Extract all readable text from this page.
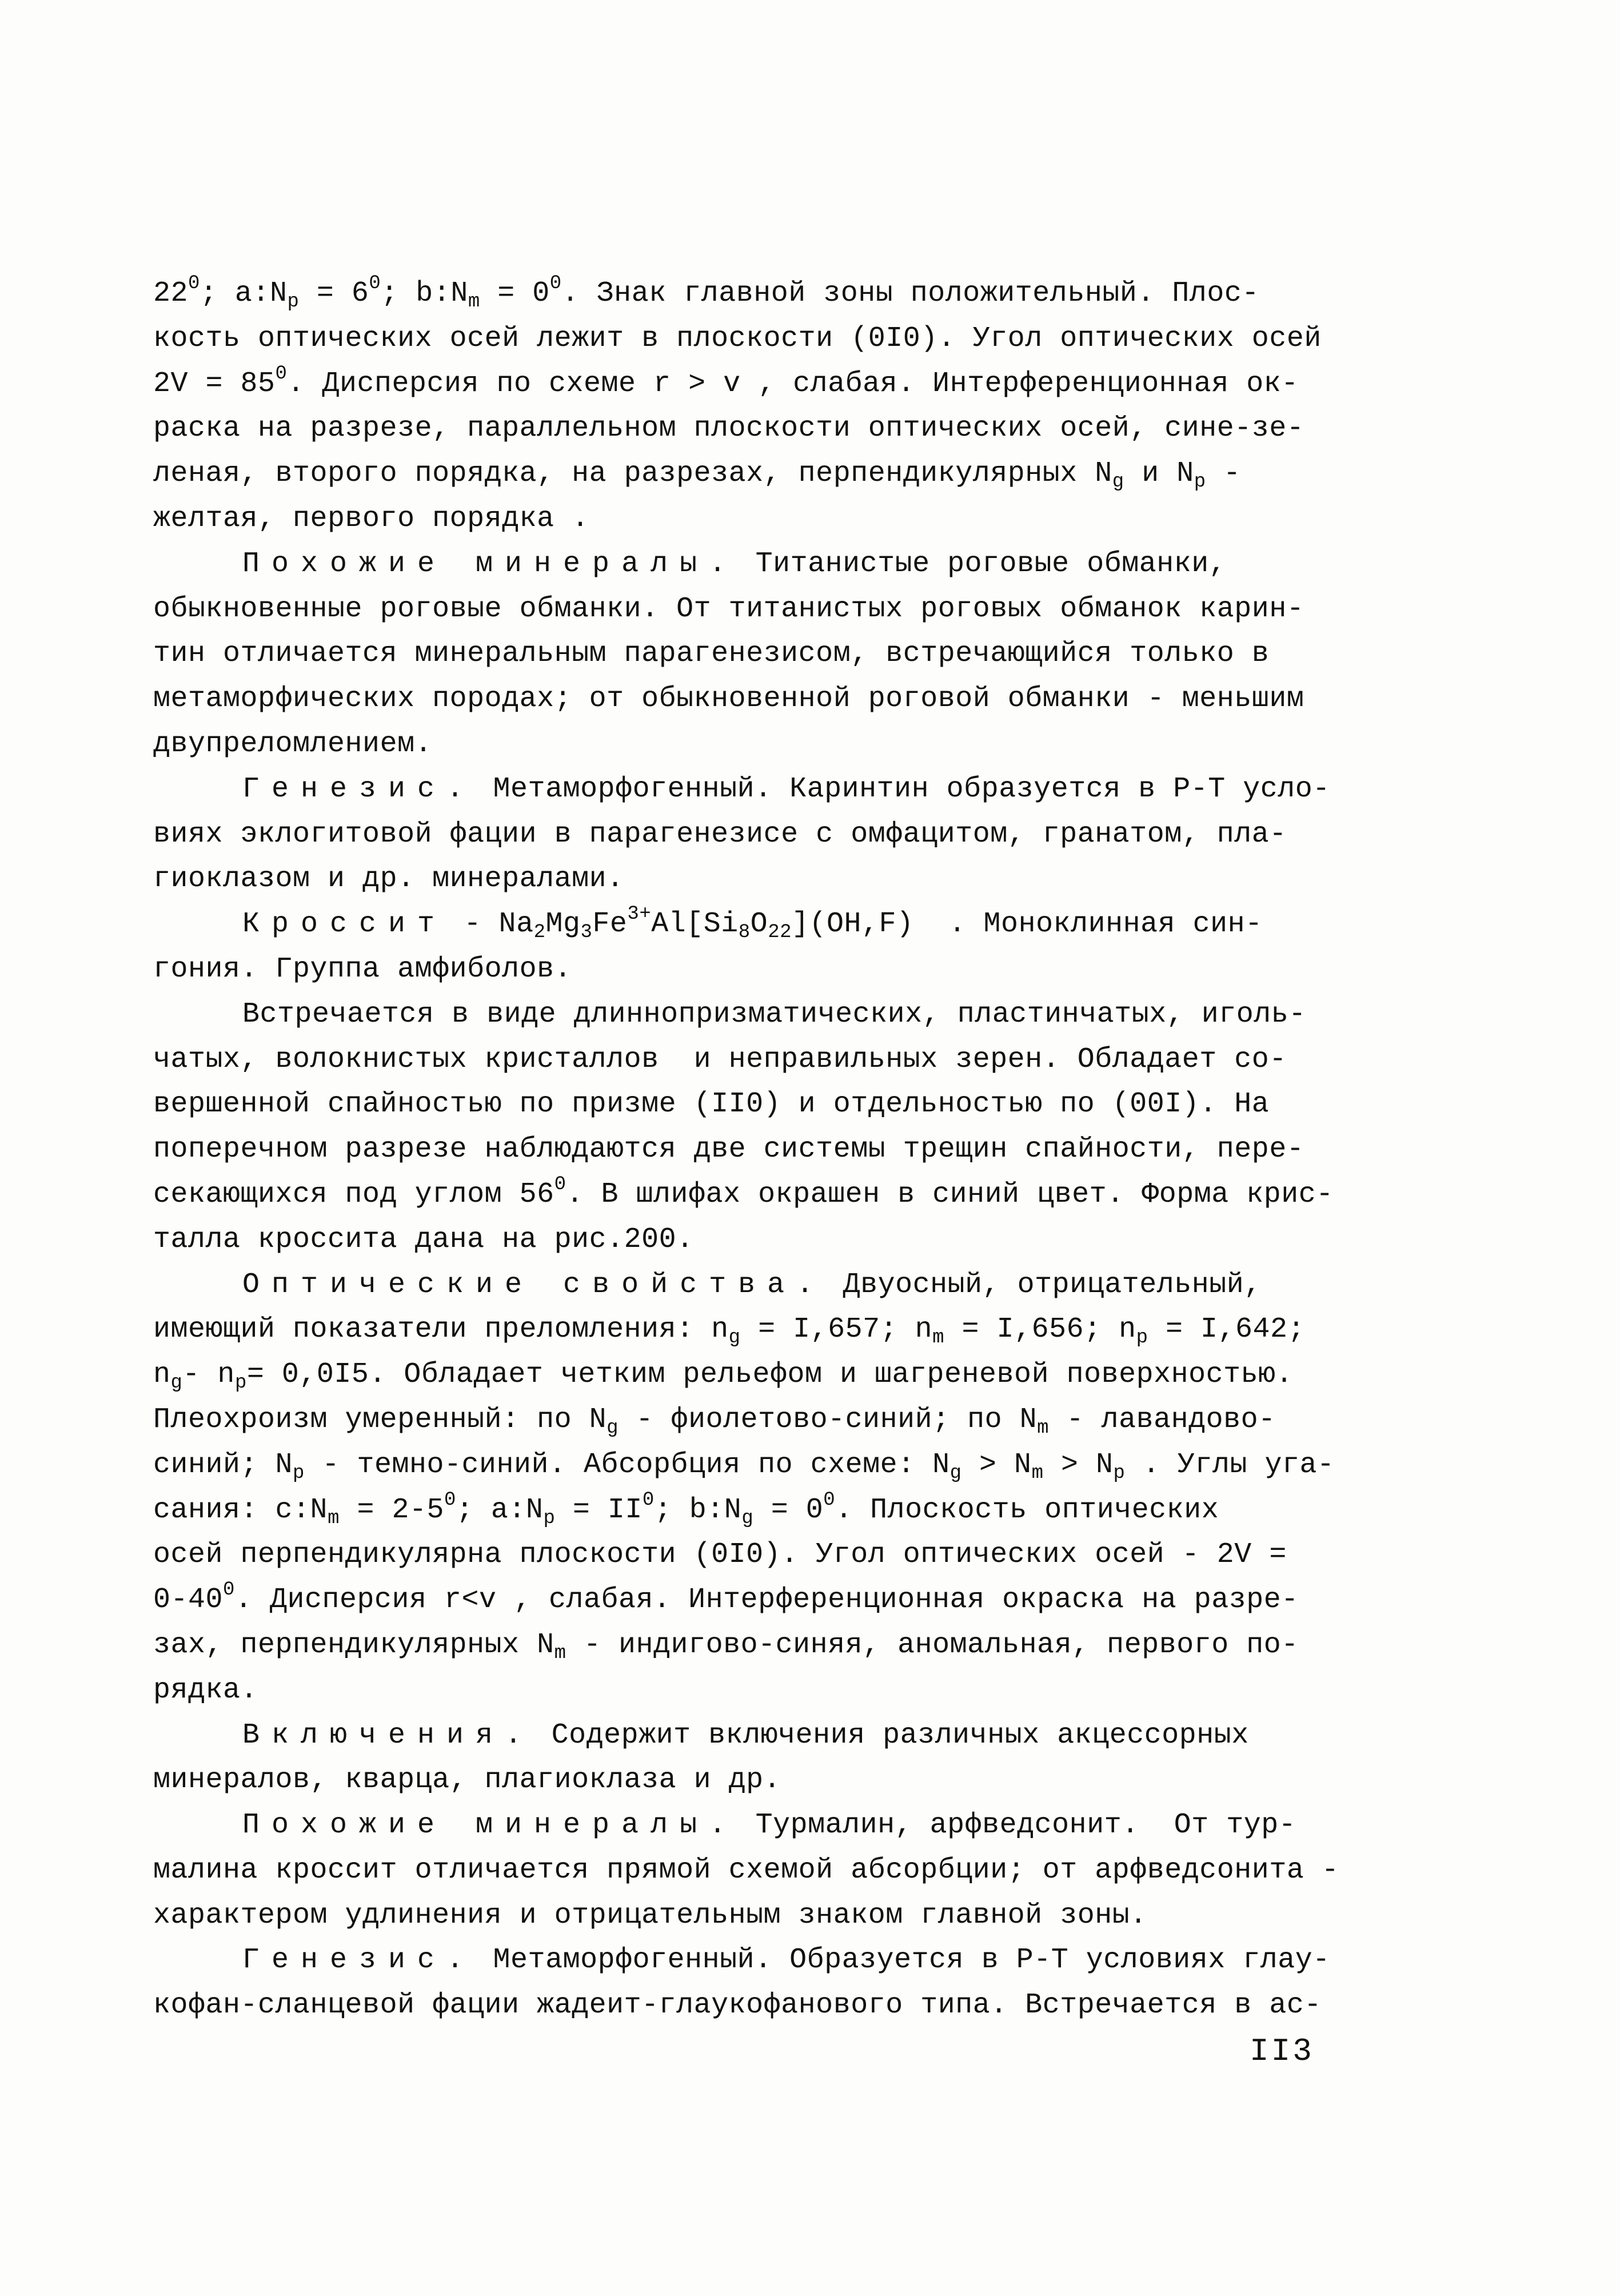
$22^0$; $a:N_p = 6^0$; $b:N_m = 0^0$. Знак главной зоны положительный. Плос-
кость оптических осей лежит в плоскости (0I0). Угол оптических осей
$2V = 85^0$. Дисперсия по схеме r > v , слабая. Интерференционная ок-
раска на разрезе, параллельном плоскости оптических осей, сине-зе-
леная, второго порядка, на разрезах, перпендикулярных $N_g$ и $N_p$ -
желтая, первого порядка .
Похожие минералы. Титанистые роговые обманки,
обыкновенные роговые обманки. От титанистых роговых обманок карин-
тин отличается минеральным парагенезисом, встречающийся только в
метаморфических породах; от обыкновенной роговой обманки - меньшим
двупреломлением.
Генезис. Метаморфогенный. Каринтин образуется в Р-Т усло-
виях эклогитовой фации в парагенезисе с омфацитом, гранатом, пла-
гиоклазом и др. минералами.
Кроссит - $Na_2Mg_3Fe^{3+}Al[Si_8O_{22}](OH,F)$  . Моноклинная син-
гония. Группа амфиболов.
Встречается в виде длиннопризматических, пластинчатых, иголь-
чатых, волокнистых кристаллов  и неправильных зерен. Обладает со-
вершенной спайностью по призме (II0) и отдельностью по (00I). На
поперечном разрезе наблюдаются две системы трещин спайности, пере-
секающихся под углом $56^0$. В шлифах окрашен в синий цвет. Форма крис-
таллa кроссита дана на рис.200.
Оптические свойства. Двуосный, отрицательный,
имеющий показатели преломления: $n_g = I,657$; $n_m = I,656$; $n_p = I,642$;
$n_g-$ $n_p= 0,0I5$. Обладает четким рельефом и шагреневой поверхностью.
Плеохроизм умеренный: по $N_g$ - фиолетово-синий; по $N_m$ - лавандово-
синий; $N_p$ - темно-синий. Абсорбция по схеме: $N_g > N_m > N_p$ . Углы уга-
сания: $c:N_m = 2-5^0$; $a:N_p = II^0$; $b:N_g = 0^0$. Плоскость оптических
осей перпендикулярна плоскости (0I0). Угол оптических осей - 2V =
$0-40^0$. Дисперсия r<v , слабая. Интерференционная окраска на разре-
зах, перпендикулярных $N_m$ - индигово-синяя, аномальная, первого по-
рядка.
Включения. Содержит включения различных акцессорных
минералов, кварца, плагиоклаза и др.
Похожие минералы. Турмалин, арфведсонит.  От тур-
малина кроссит отличается прямой схемой абсорбции; от арфведсонита -
характером удлинения и отрицательным знаком главной зоны.
Генезис. Метаморфогенный. Образуется в Р-Т условиях глау-
кофан-сланцевой фации жадеит-глаукофанового типа. Встречается в ас-
II3
